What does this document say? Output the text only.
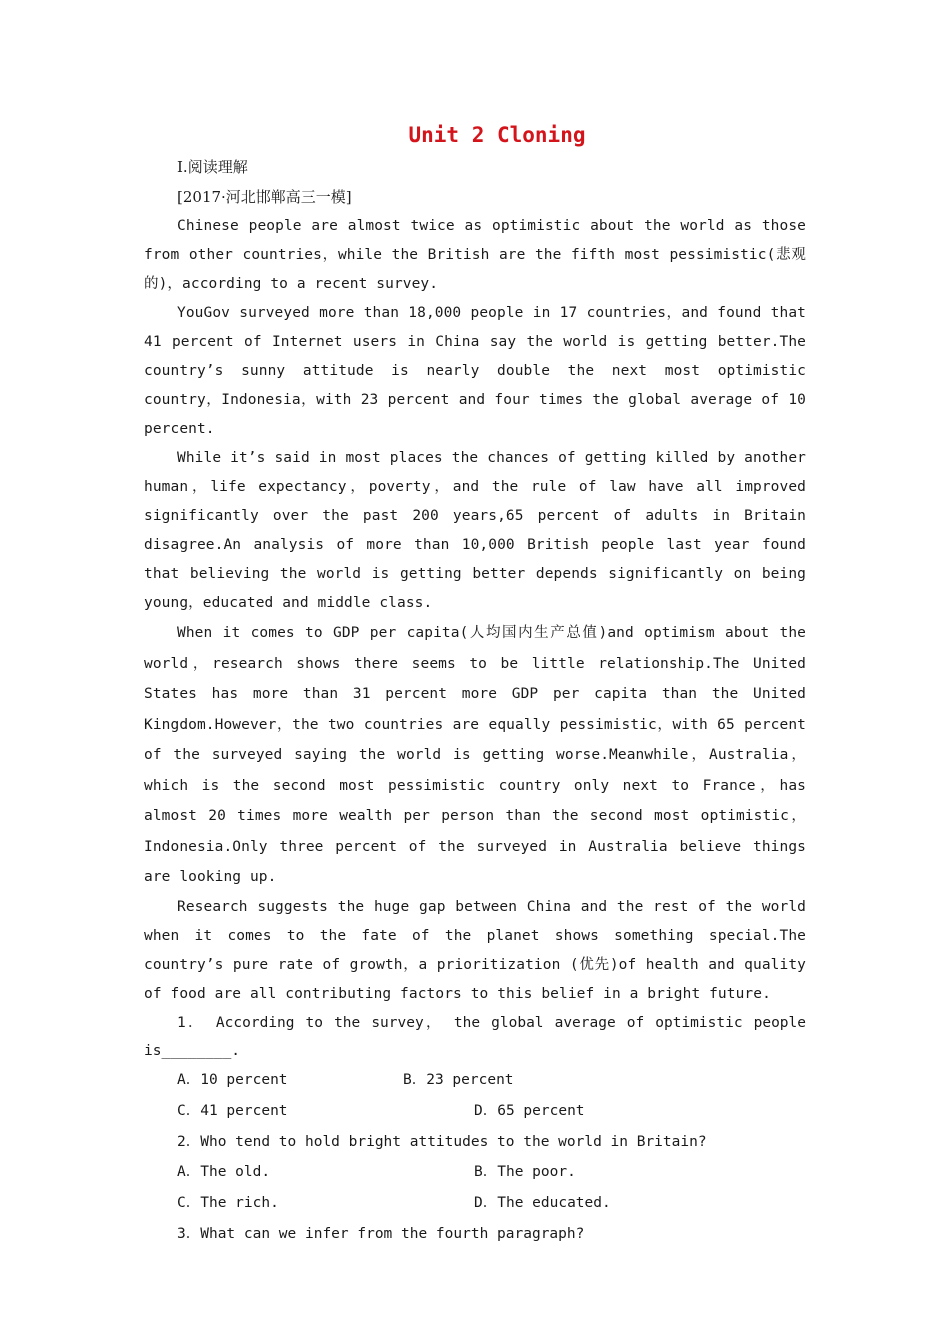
Unit 2 Cloning

Ⅰ.阅读理解

[2017·河北邯郸高三一模]

Chinese people are almost twice as optimistic about the world as those from other countries，while the British are the fifth most pessimistic(悲观的)，according to a recent survey.

YouGov surveyed more than 18,000 people in 17 countries，and found that 41 percent of Internet users in China say the world is getting better.The country’s sunny attitude is nearly double the next most optimistic country，Indonesia，with 23 percent and four times the global average of 10 percent.

While it’s said in most places the chances of getting killed by another human，life expectancy，poverty，and the rule of law have all improved significantly over the past 200 years,65 percent of adults in Britain disagree.An analysis of more than 10,000 British people last year found that believing the world is getting better depends significantly on being young，educated and middle class.

When it comes to GDP per capita(人均国内生产总值)and optimism about the world，research shows there seems to be little relationship.The United States has more than 31 percent more GDP per capita than the United Kingdom.However，the two countries are equally pessimistic，with 65 percent of the surveyed saying the world is getting worse.Meanwhile，Australia，which is the second most pessimistic country only next to France，has almost 20 times more wealth per person than the second most optimistic，Indonesia.Only three percent of the surveyed in Australia believe things are looking up.

Research suggests the huge gap between China and the rest of the world when it comes to the fate of the planet shows something special.The country’s pure rate of growth，a prioritization (优先)of health and quality of food are all contributing factors to this belief in a bright future.

1． According to the survey， the global average of optimistic people is________.

A．10 percent	B．23 percent
C．41 percent	D．65 percent

2．Who tend to hold bright attitudes to the world in Britain?

A．The old.	B．The poor.
C．The rich.	D．The educated.

3．What can we infer from the fourth paragraph?
